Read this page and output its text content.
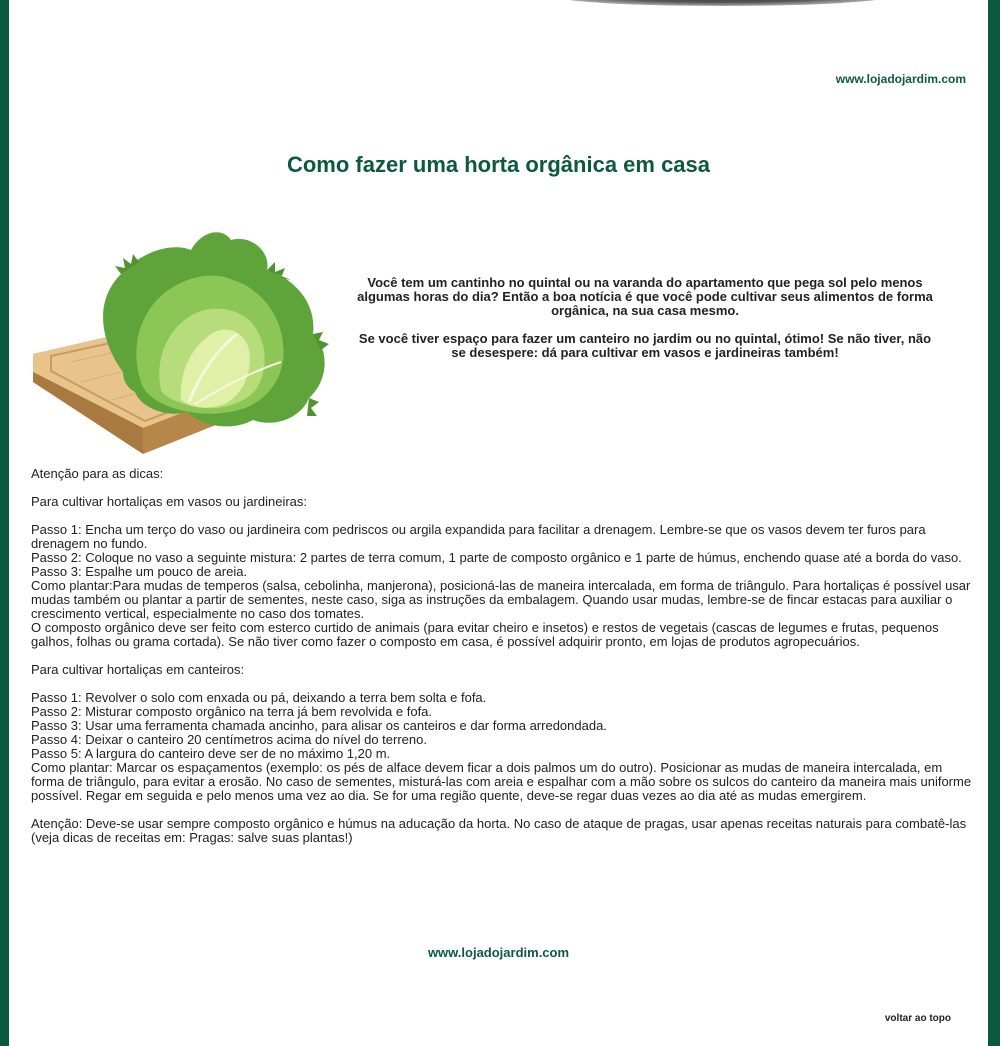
www.lojadojardim.com
Como fazer uma horta orgânica em casa

Você tem um cantinho no quintal ou na varanda do apartamento que pega sol pelo menos algumas horas do dia? Então a boa notícia é que você pode cultivar seus alimentos de forma orgânica, na sua casa mesmo.

Se você tiver espaço para fazer um canteiro no jardim ou no quintal, ótimo! Se não tiver, não se desespere: dá para cultivar em vasos e jardineiras também!

Atenção para as dicas:

Para cultivar hortaliças em vasos ou jardineiras:

Passo 1: Encha um terço do vaso ou jardineira com pedriscos ou argila expandida para facilitar a drenagem. Lembre-se que os vasos devem ter furos para drenagem no fundo.
Passo 2: Coloque no vaso a seguinte mistura: 2 partes de terra comum, 1 parte de composto orgânico e 1 parte de húmus, enchendo quase até a borda do vaso.
Passo 3: Espalhe um pouco de areia.
Como plantar:Para mudas de temperos (salsa, cebolinha, manjerona), posicioná-las de maneira intercalada, em forma de triângulo. Para hortaliças é possível usar mudas também ou plantar a partir de sementes, neste caso, siga as instruções da embalagem. Quando usar mudas, lembre-se de fincar estacas para auxiliar o crescimento vertical, especialmente no caso dos tomates.
O composto orgânico deve ser feito com esterco curtido de animais (para evitar cheiro e insetos) e restos de vegetais (cascas de legumes e frutas, pequenos galhos, folhas ou grama cortada). Se não tiver como fazer o composto em casa, é possível adquirir pronto, em lojas de produtos agropecuários.

Para cultivar hortaliças em canteiros:

Passo 1: Revolver o solo com enxada ou pá, deixando a terra bem solta e fofa.
Passo 2: Misturar composto orgânico na terra já bem revolvida e fofa.
Passo 3: Usar uma ferramenta chamada ancinho, para alisar os canteiros e dar forma arredondada.
Passo 4: Deixar o canteiro 20 centímetros acima do nível do terreno.
Passo 5: A largura do canteiro deve ser de no máximo 1,20 m.
Como plantar: Marcar os espaçamentos (exemplo: os pés de alface devem ficar a dois palmos um do outro). Posicionar as mudas de maneira intercalada, em forma de triângulo, para evitar a erosão. No caso de sementes, misturá-las com areia e espalhar com a mão sobre os sulcos do canteiro da maneira mais uniforme possível. Regar em seguida e pelo menos uma vez ao dia. Se for uma região quente, deve-se regar duas vezes ao dia até as mudas emergirem.

Atenção: Deve-se usar sempre composto orgânico e húmus na aducação da horta. No caso de ataque de pragas, usar apenas receitas naturais para combatê-las (veja dicas de receitas em: Pragas: salve suas plantas!)

www.lojadojardim.com
voltar ao topo
